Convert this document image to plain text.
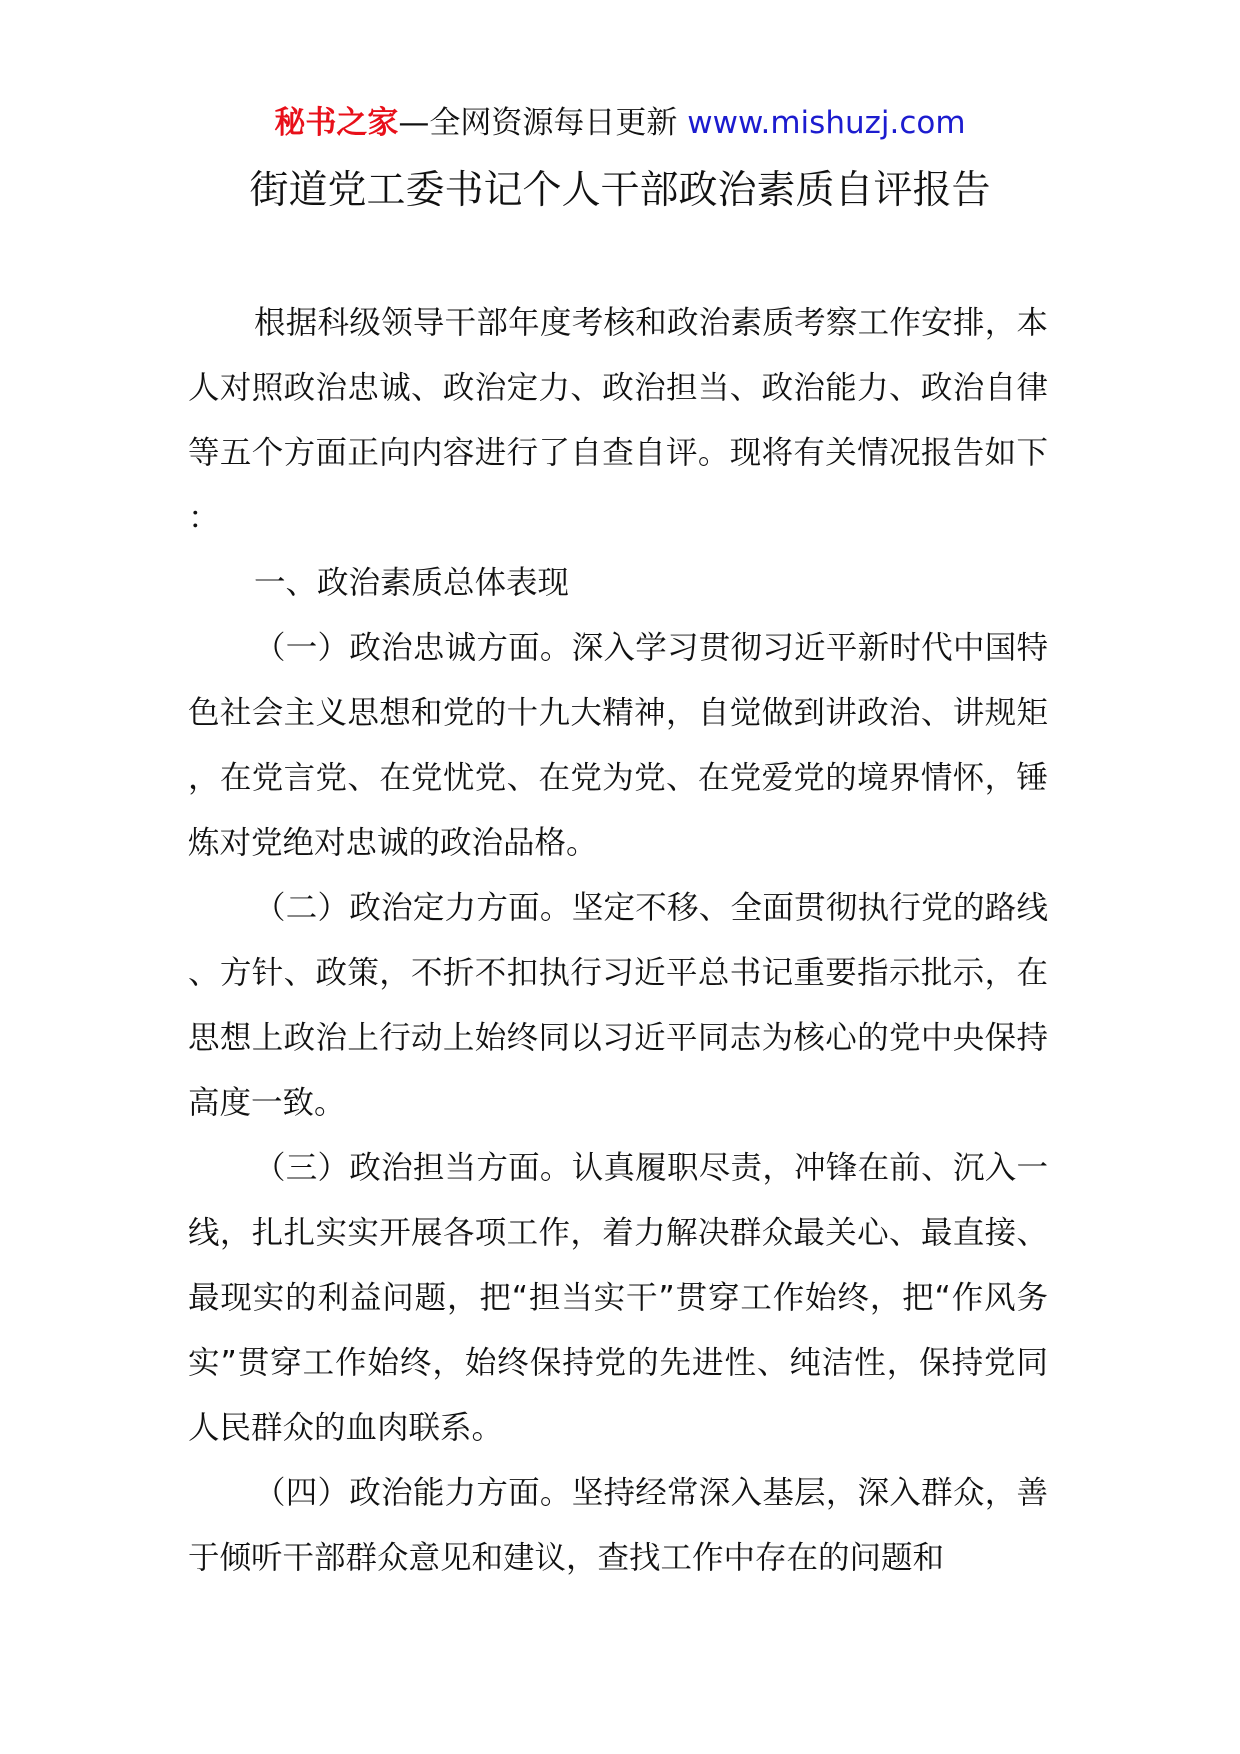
秘书之家—全网资源每日更新 www.mishuzj.com
街道党工委书记个人干部政治素质自评报告

根据科级领导干部年度考核和政治素质考察工作安排，本人对照政治忠诚、政治定力、政治担当、政治能力、政治自律等五个方面正向内容进行了自查自评。现将有关情况报告如下：

一、政治素质总体表现

（一）政治忠诚方面。深入学习贯彻习近平新时代中国特色社会主义思想和党的十九大精神，自觉做到讲政治、讲规矩，在党言党、在党忧党、在党为党、在党爱党的境界情怀，锤炼对党绝对忠诚的政治品格。

（二）政治定力方面。坚定不移、全面贯彻执行党的路线、方针、政策，不折不扣执行习近平总书记重要指示批示，在思想上政治上行动上始终同以习近平同志为核心的党中央保持高度一致。

（三）政治担当方面。认真履职尽责，冲锋在前、沉入一线，扎扎实实开展各项工作，着力解决群众最关心、最直接、最现实的利益问题，把“担当实干”贯穿工作始终，把“作风务实”贯穿工作始终，始终保持党的先进性、纯洁性，保持党同人民群众的血肉联系。

（四）政治能力方面。坚持经常深入基层，深入群众，善于倾听干部群众意见和建议，查找工作中存在的问题和
